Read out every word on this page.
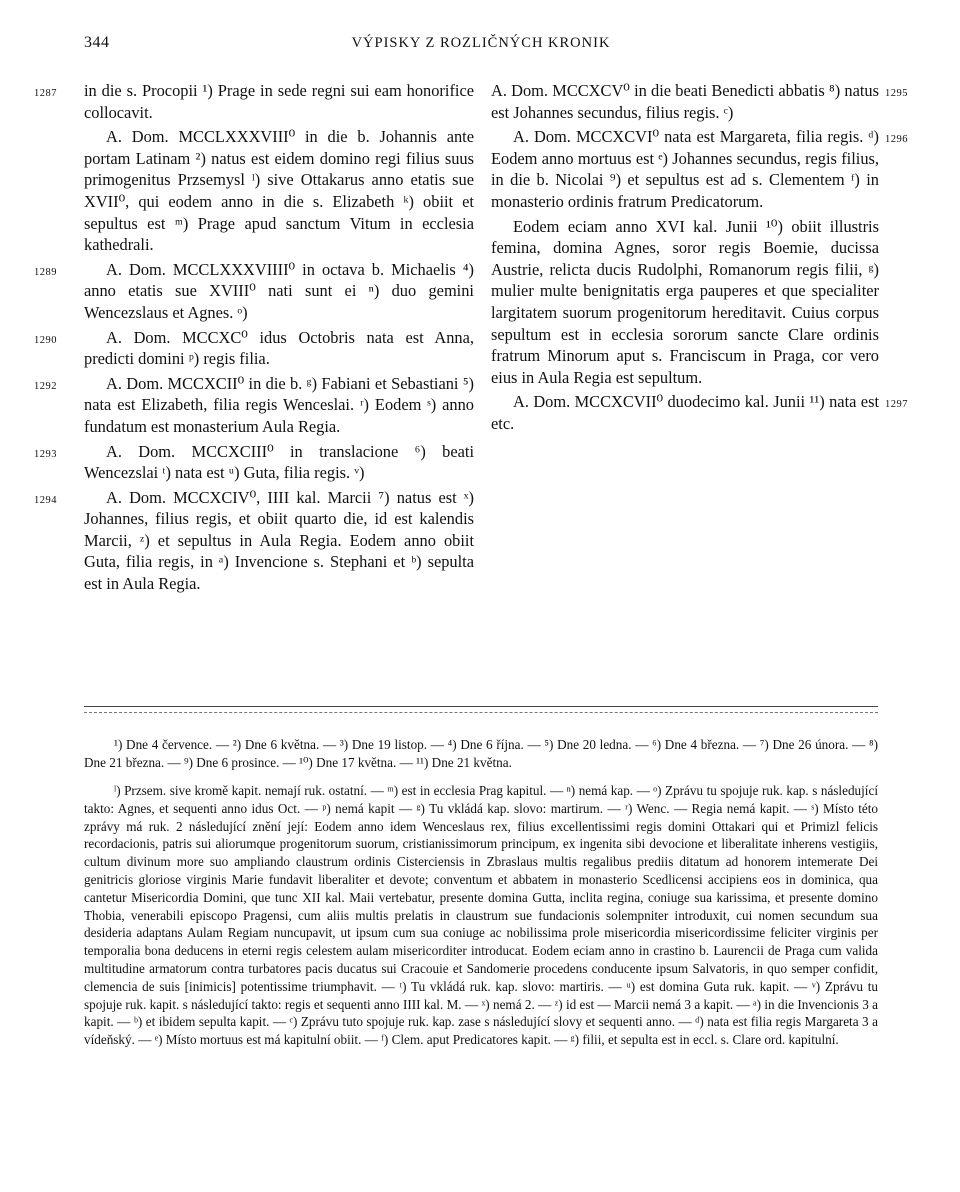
344	VÝPISKY Z ROZLIČNÝCH KRONIK

1287 in die s. Procopii ¹) Prage in sede regni sui eam honorifice collocavit.

A. Dom. MCCLXXXVIII⁰ in die b. Johannis ante portam Latinam ²) natus est eidem domino regi filius suus primogenitus Przsemysl ˡ) sive Ottakarus anno etatis sue XVII⁰, qui eodem anno in die s. Elizabeth ᵏ) obiit et sepultus est ᵐ) Prage apud sanctum Vitum in ecclesia kathedrali.

1289	A. Dom. MCCLXXXVIIII⁰ in octava b. Michaelis ⁴) anno etatis sue XVIII⁰ nati sunt ei ⁿ) duo gemini Wencezslaus et Agnes. ᵒ)

1290	A. Dom. MCCXC⁰ idus Octobris nata est Anna, predicti domini ᵖ) regis filia.

1292	A. Dom. MCCXCII⁰ in die b. ᵍ) Fabiani et Sebastiani ⁵) nata est Elizabeth, filia regis Wenceslai. ʳ) Eodem ˢ) anno fundatum est monasterium Aula Regia.

1293	A. Dom. MCCXCIII⁰ in translacione ⁶) beati Wencezslai ᵗ) nata est ᵘ) Guta, filia regis. ᵛ)

1294	A. Dom. MCCXCIV⁰, IIII kal. Marcii ⁷) natus est ˣ) Johannes, filius regis, et obiit quarto die, id est kalendis Marcii, ᶻ) et sepultus in Aula Regia. Eodem anno obiit Guta, filia regis, in ᵃ) Invencione s. Stephani et ᵇ) sepulta est in Aula Regia.

1295
A. Dom. MCCXCV⁰ in die beati Benedicti abbatis ⁸) natus est Johannes secundus, filius regis. ᶜ)

1296
A. Dom. MCCXCVI⁰ nata est Margareta, filia regis. ᵈ) Eodem anno mortuus est ᵉ) Johannes secundus, regis filius, in die b. Nicolai ⁹) et sepultus est ad s. Clementem ᶠ) in monasterio ordinis fratrum Predicatorum.

Eodem eciam anno XVI kal. Junii ¹⁰) obiit illustris femina, domina Agnes, soror regis Boemie, ducissa Austrie, relicta ducis Rudolphi, Romanorum regis filii, ᵍ) mulier multe benignitatis erga pauperes et que specialiter largitatem suorum progenitorum hereditavit. Cuius corpus sepultum est in ecclesia sororum sancte Clare ordinis fratrum Minorum aput s. Franciscum in Praga, cor vero eius in Aula Regia est sepultum.

1297
A. Dom. MCCXCVII⁰ duodecimo kal. Junii ¹¹) nata est etc.

¹) Dne 4 července. — ²) Dne 6 května. — ³) Dne 19 listop. — ⁴) Dne 6 října. — ⁵) Dne 20 ledna. — ⁶) Dne 4 března. — ⁷) Dne 26 února. — ⁸) Dne 21 března. — ⁹) Dne 6 prosince. — ¹⁰) Dne 17 května. — ¹¹) Dne 21 května.

ˡ) Przsem. sive kromě kapit. nemají ruk. ostatní. — ᵐ) est in ecclesia Prag kapitul. — ⁿ) nemá kap. — ᵒ) Zprávu tu spojuje ruk. kap. s následující takto: Agnes, et sequenti anno idus Oct. — ᵖ) nemá kapit — ᵍ) Tu vkládá kap. slovo: martirum. — ʳ) Wenc. — Regia nemá kapit. — ˢ) Místo této zprávy má ruk. 2 následující znění její: Eodem anno idem Wenceslaus rex, filius excellentissimi regis domini Ottakari qui et Primizl felicis recordacionis, patris sui aliorumque progenitorum suorum, cristianissimorum principum, ex ingenita sibi devocione et liberalitate inherens vestigiis, cultum divinum more suo ampliando claustrum ordinis Cisterciensis in Zbraslaus multis regalibus prediis ditatum ad honorem intemerate Dei genitricis gloriose virginis Marie fundavit liberaliter et devote; conventum et abbatem in monasterio Scedlicensi accipiens eos in dominica, qua cantetur Misericordia Domini, que tunc XII kal. Maii vertebatur, presente domina Gutta, inclita regina, coniuge sua karissima, et presente domino Thobia, venerabili episcopo Pragensi, cum aliis multis prelatis in claustrum sue fundacionis solempniter introduxit, cui nomen secundum sua desideria adaptans Aulam Regiam nuncupavit, ut ipsum cum sua coniuge ac nobilissima prole misericordia misericordissime feliciter virginis per temporalia bona deducens in eterni regis celestem aulam misericorditer introducat. Eodem eciam anno in crastino b. Laurencii de Praga cum valida multitudine armatorum contra turbatores pacis ducatus sui Cracouie et Sandomerie procedens conducente ipsum Salvatoris, in quo semper confidit, clemencia de suis [inimicis] potentissime triumphavit. — ᵗ) Tu vkládá ruk. kap. slovo: martiris. — ᵘ) est domina Guta ruk. kapit. — ᵛ) Zprávu tu spojuje ruk. kapit. s následující takto: regis et sequenti anno IIII kal. M. — ˣ) nemá 2. — ᶻ) id est — Marcii nemá 3 a kapit. — ᵃ) in die Invencionis 3 a kapit. — ᵇ) et ibidem sepulta kapit. — ᶜ) Zprávu tuto spojuje ruk. kap. zase s následující slovy et sequenti anno. — ᵈ) nata est filia regis Margareta 3 a vídeňský. — ᵉ) Místo mortuus est má kapitulní obiit. — ᶠ) Clem. aput Predicatores kapit. — ᵍ) filii, et sepulta est in eccl. s. Clare ord. kapitulní.
